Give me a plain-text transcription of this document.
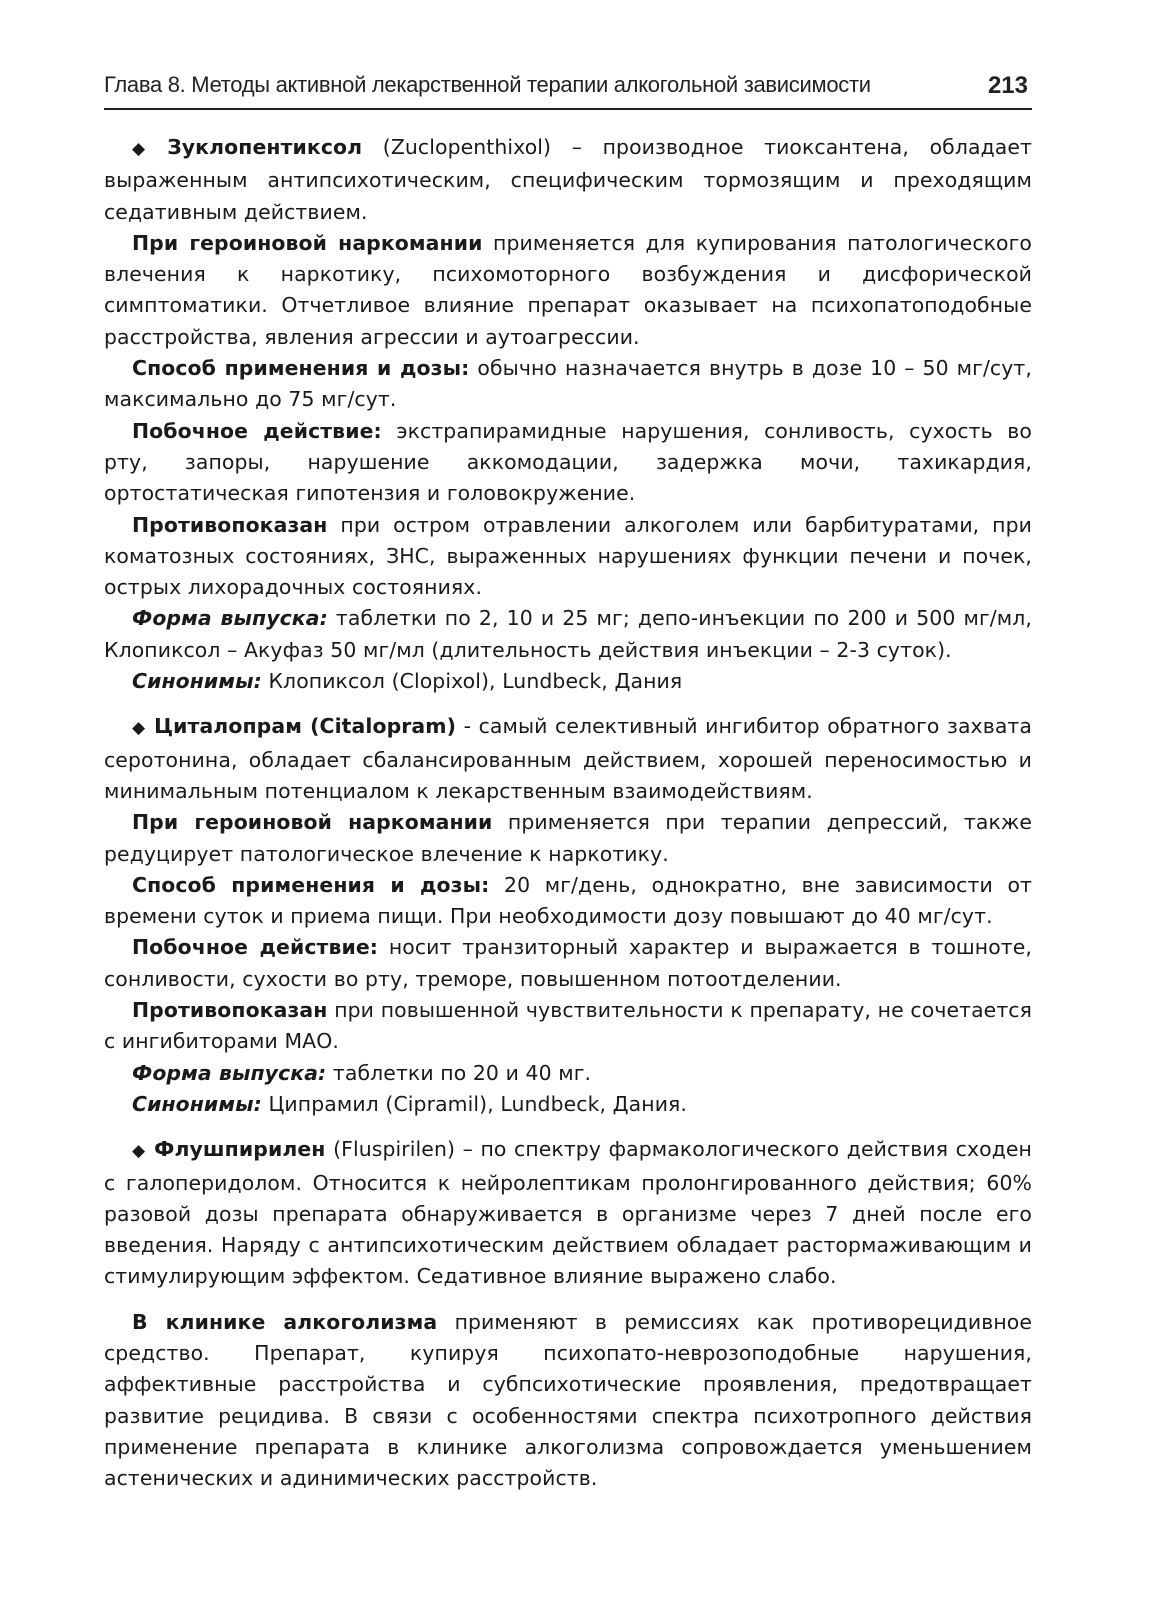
Глава 8. Методы активной лекарственной терапии алкогольной зависимости	213

◆ Зуклопентиксол (Zuclopenthixol) – производное тиоксантена, обладает выраженным антипсихотическим, специфическим тормозящим и преходящим седативным действием.

При героиновой наркомании применяется для купирования патологического влечения к наркотику, психомоторного возбуждения и дисфорической симптоматики. Отчетливое влияние препарат оказывает на психопатоподобные расстройства, явления агрессии и аутоагрессии.

Способ применения и дозы: обычно назначается внутрь в дозе 10 – 50 мг/сут, максимально до 75 мг/сут.

Побочное действие: экстрапирамидные нарушения, сонливость, сухость во рту, запоры, нарушение аккомодации, задержка мочи, тахикардия, ортостатическая гипотензия и головокружение.

Противопоказан при остром отравлении алкоголем или барбитуратами, при коматозных состояниях, ЗНС, выраженных нарушениях функции печени и почек, острых лихорадочных состояниях.

Форма выпуска: таблетки по 2, 10 и 25 мг; депо-инъекции по 200 и 500 мг/мл, Клопиксол – Акуфаз 50 мг/мл (длительность действия инъекции – 2-3 суток).

Синонимы: Клопиксол (Clopixol), Lundbeck, Дания

◆ Циталопрам (Citalopram) - самый селективный ингибитор обратного захвата серотонина, обладает сбалансированным действием, хорошей переносимостью и минимальным потенциалом к лекарственным взаимодействиям.

При героиновой наркомании применяется при терапии депрессий, также редуцирует патологическое влечение к наркотику.

Способ применения и дозы: 20 мг/день, однократно, вне зависимости от времени суток и приема пищи. При необходимости дозу повышают до 40 мг/сут.

Побочное действие: носит транзиторный характер и выражается в тошноте, сонливости, сухости во рту, треморе, повышенном потоотделении.

Противопоказан при повышенной чувствительности к препарату, не сочетается с ингибиторами МАО.

Форма выпуска: таблетки по 20 и 40 мг.

Синонимы: Ципрамил (Cipramil), Lundbeck, Дания.

◆ Флушпирилен (Fluspirilen) – по спектру фармакологического действия сходен с галоперидолом. Относится к нейролептикам пролонгированного действия; 60% разовой дозы препарата обнаруживается в организме через 7 дней после его введения. Наряду с антипсихотическим действием обладает растормаживающим и стимулирующим эффектом. Седативное влияние выражено слабо.

В клинике алкоголизма применяют в ремиссиях как противорецидивное средство. Препарат, купируя психопато-неврозоподобные нарушения, аффективные расстройства и субпсихотические проявления, предотвращает развитие рецидива. В связи с особенностями спектра психотропного действия применение препарата в клинике алкоголизма сопровождается уменьшением астенических и адинимических расстройств.
